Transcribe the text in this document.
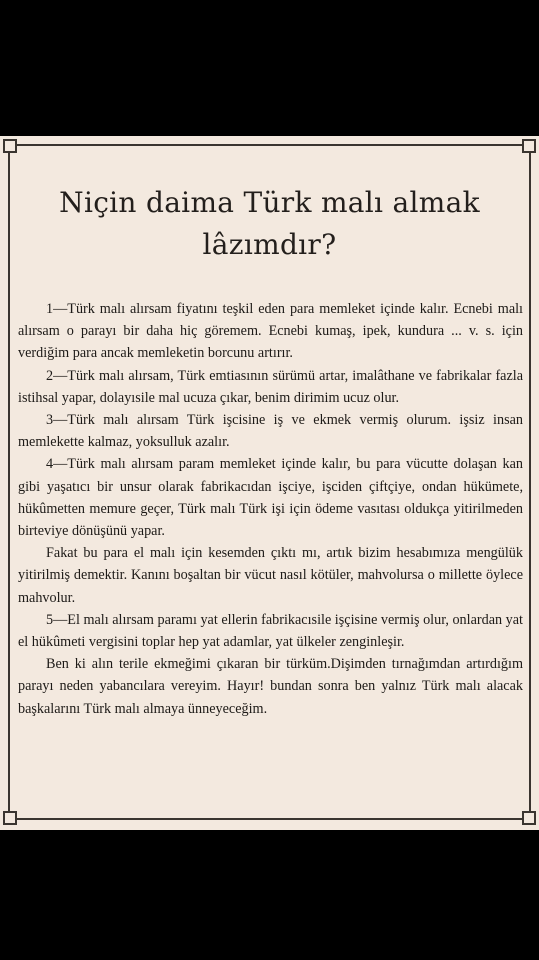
Niçin daima Türk malı almak
lâzımdır?

1—Türk malı alırsam fiyatını teşkil eden para memleket içinde kalır. Ecnebi malı alırsam o parayı bir daha hiç göremem. Ecnebi kumaş, ipek, kundura ... v. s. için verdiğim para ancak memleketin borcunu artırır.

2—Türk malı alırsam, Türk emtiasının sürümü artar, imalâthane ve fabrikalar fazla istihsal yapar, dolayısile mal ucuza çıkar, benim dirimim ucuz olur.

3—Türk malı alırsam Türk işcisine iş ve ekmek vermiş olurum. işsiz insan memlekette kalmaz, yoksulluk azalır.

4—Türk malı alırsam param memleket içinde kalır, bu para vücutte dolaşan kan gibi yaşatıcı bir unsur olarak fabrikacıdan işciye, işciden çiftçiye, ondan hükümete, hükûmetten memure geçer, Türk malı Türk işi için ödeme vasıtası oldukça yitirilmeden birteviye dönüşünü yapar.

Fakat bu para el malı için kesemden çıktı mı, artık bizim hesabımıza mengülük yitirilmiş demektir. Kanını boşaltan bir vücut nasıl kötüler, mahvolursa o millette öylece mahvolur.

5—El malı alırsam paramı yat ellerin fabrikacısile işçisine vermiş olur, onlardan yat el hükûmeti vergisini toplar hep yat adamlar, yat ülkeler zenginleşir.

Ben ki alın terile ekmeğimi çıkaran bir türküm.Dişimden tırnağımdan artırdığım parayı neden yabancılara vereyim. Hayır! bundan sonra ben yalnız Türk malı alacak başkalarını Türk malı almaya ünneyeceğim.
